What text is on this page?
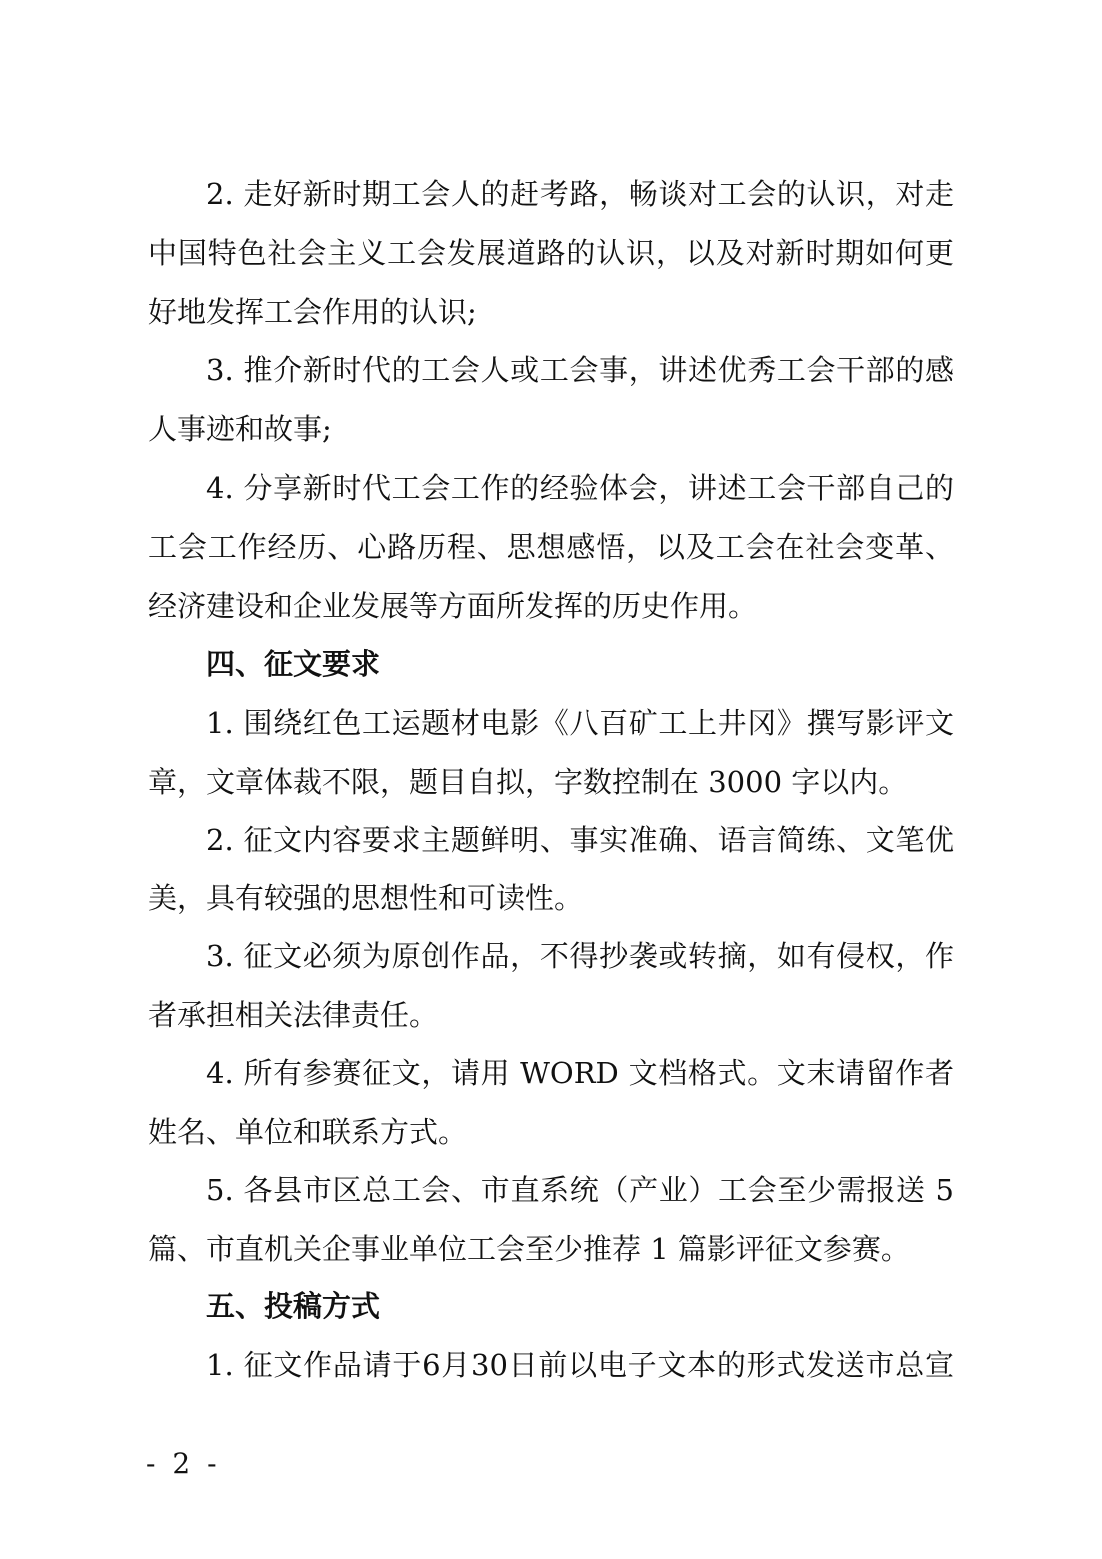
2. 走好新时期工会人的赶考路，畅谈对工会的认识，对走
中国特色社会主义工会发展道路的认识，以及对新时期如何更
好地发挥工会作用的认识;
3. 推介新时代的工会人或工会事，讲述优秀工会干部的感
人事迹和故事;
4. 分享新时代工会工作的经验体会，讲述工会干部自己的
工会工作经历、心路历程、思想感悟，以及工会在社会变革、
经济建设和企业发展等方面所发挥的历史作用。
四、征文要求
1. 围绕红色工运题材电影《八百矿工上井冈》撰写影评文
章，文章体裁不限，题目自拟，字数控制在 3000 字以内。
2. 征文内容要求主题鲜明、事实准确、语言简练、文笔优
美，具有较强的思想性和可读性。
3. 征文必须为原创作品，不得抄袭或转摘，如有侵权，作
者承担相关法律责任。
4. 所有参赛征文，请用 WORD 文档格式。文末请留作者
姓名、单位和联系方式。
5. 各县市区总工会、市直系统（产业）工会至少需报送 5
篇、市直机关企事业单位工会至少推荐 1 篇影评征文参赛。
五、投稿方式
1. 征文作品请于6月30日前以电子文本的形式发送市总宣
- 2 -
